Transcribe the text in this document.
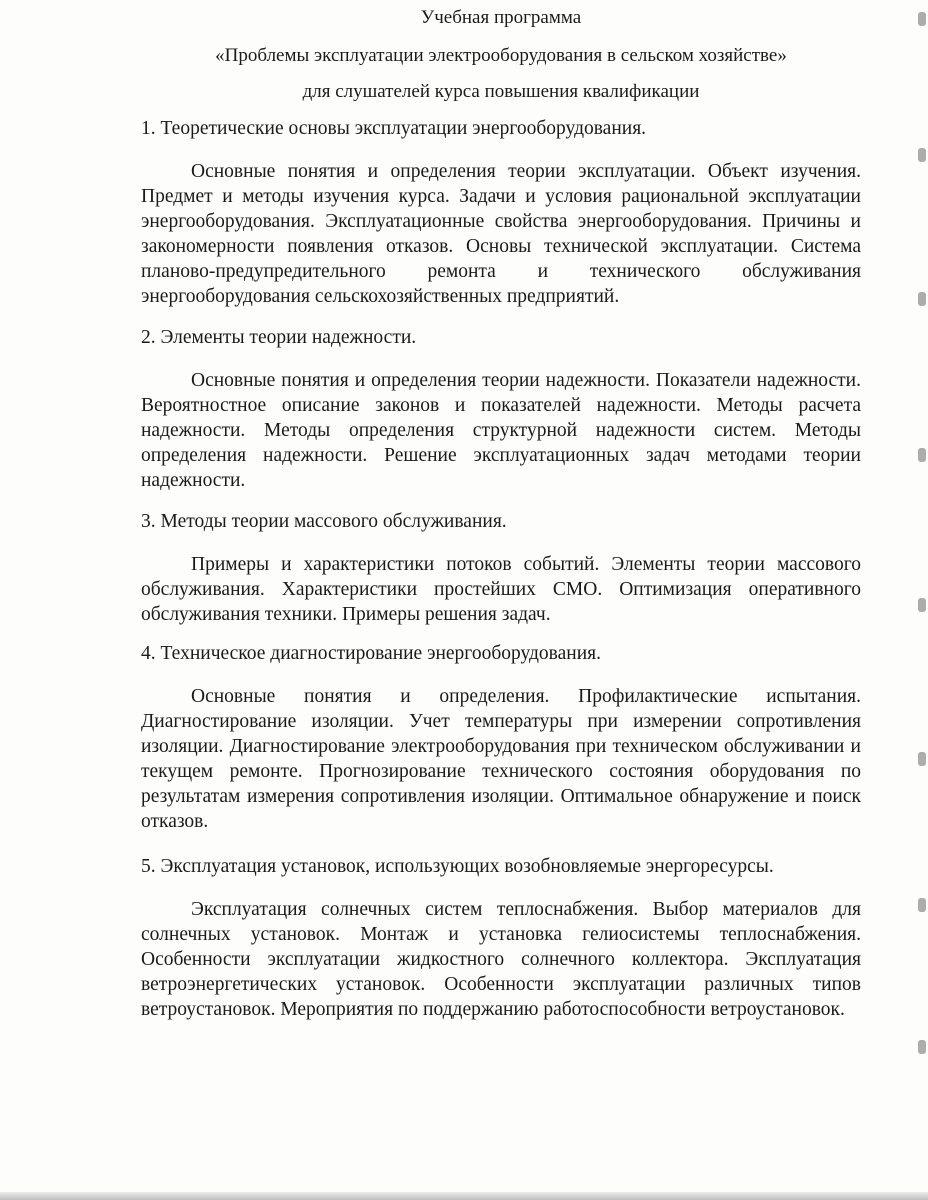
Учебная программа

«Проблемы эксплуатации электрооборудования в сельском хозяйстве»

для слушателей курса повышения квалификации

1. Теоретические основы эксплуатации энергооборудования.

Основные понятия и определения теории эксплуатации. Объект изучения. Предмет и методы изучения курса. Задачи и условия рациональной эксплуатации энергооборудования. Эксплуатационные свойства энергооборудования. Причины и закономерности появления отказов. Основы технической эксплуатации. Система планово-предупредительного ремонта и технического обслуживания энергооборудования сельскохозяйственных предприятий.

2. Элементы теории надежности.

Основные понятия и определения теории надежности. Показатели надежности. Вероятностное описание законов и показателей надежности. Методы расчета надежности. Методы определения структурной надежности систем. Методы определения надежности. Решение эксплуатационных задач методами теории надежности.

3. Методы теории массового обслуживания.

Примеры и характеристики потоков событий. Элементы теории массового обслуживания. Характеристики простейших СМО. Оптимизация оперативного обслуживания техники. Примеры решения задач.

4. Техническое диагностирование энергооборудования.

Основные понятия и определения. Профилактические испытания. Диагностирование изоляции. Учет температуры при измерении сопротивления изоляции. Диагностирование электрооборудования при техническом обслуживании и текущем ремонте. Прогнозирование технического состояния оборудования по результатам измерения сопротивления изоляции. Оптимальное обнаружение и поиск отказов.

5. Эксплуатация установок, использующих возобновляемые энергоресурсы.

Эксплуатация солнечных систем теплоснабжения. Выбор материалов для солнечных установок. Монтаж и установка гелиосистемы теплоснабжения. Особенности эксплуатации жидкостного солнечного коллектора. Эксплуатация ветроэнергетических установок. Особенности эксплуатации различных типов ветроустановок. Мероприятия по поддержанию работоспособности ветроустановок.
